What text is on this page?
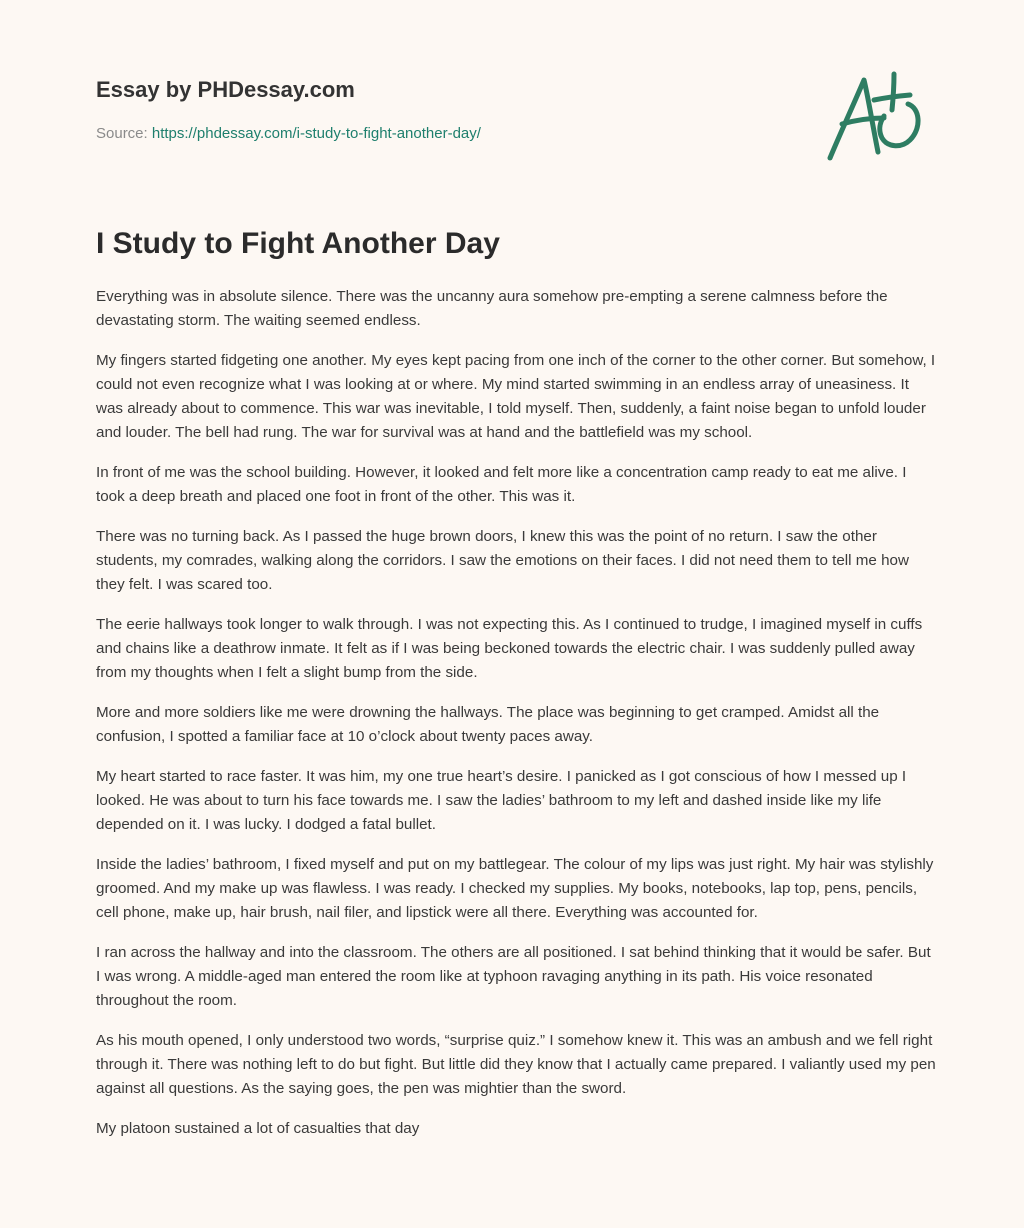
Essay by PHDessay.com
Source: https://phdessay.com/i-study-to-fight-another-day/
I Study to Fight Another Day

Everything was in absolute silence. There was the uncanny aura somehow pre-empting a serene calmness before the devastating storm. The waiting seemed endless.

My fingers started fidgeting one another. My eyes kept pacing from one inch of the corner to the other corner. But somehow, I could not even recognize what I was looking at or where. My mind started swimming in an endless array of uneasiness. It was already about to commence. This war was inevitable, I told myself. Then, suddenly, a faint noise began to unfold louder and louder. The bell had rung. The war for survival was at hand and the battlefield was my school.

In front of me was the school building. However, it looked and felt more like a concentration camp ready to eat me alive. I took a deep breath and placed one foot in front of the other. This was it.

There was no turning back. As I passed the huge brown doors, I knew this was the point of no return. I saw the other students, my comrades, walking along the corridors. I saw the emotions on their faces. I did not need them to tell me how they felt. I was scared too.

The eerie hallways took longer to walk through. I was not expecting this. As I continued to trudge, I imagined myself in cuffs and chains like a deathrow inmate. It felt as if I was being beckoned towards the electric chair. I was suddenly pulled away from my thoughts when I felt a slight bump from the side.

More and more soldiers like me were drowning the hallways. The place was beginning to get cramped. Amidst all the confusion, I spotted a familiar face at 10 o’clock about twenty paces away.

My heart started to race faster. It was him, my one true heart’s desire. I panicked as I got conscious of how I messed up I looked. He was about to turn his face towards me. I saw the ladies’ bathroom to my left and dashed inside like my life depended on it. I was lucky. I dodged a fatal bullet.

Inside the ladies’ bathroom, I fixed myself and put on my battlegear. The colour of my lips was just right. My hair was stylishly groomed. And my make up was flawless. I was ready. I checked my supplies. My books, notebooks, lap top, pens, pencils, cell phone, make up, hair brush, nail filer, and lipstick were all there. Everything was accounted for.

I ran across the hallway and into the classroom. The others are all positioned. I sat behind thinking that it would be safer. But I was wrong. A middle-aged man entered the room like at typhoon ravaging anything in its path. His voice resonated throughout the room.

As his mouth opened, I only understood two words, “surprise quiz.” I somehow knew it. This was an ambush and we fell right through it. There was nothing left to do but fight. But little did they know that I actually came prepared. I valiantly used my pen against all questions. As the saying goes, the pen was mightier than the sword.

My platoon sustained a lot of casualties that day
